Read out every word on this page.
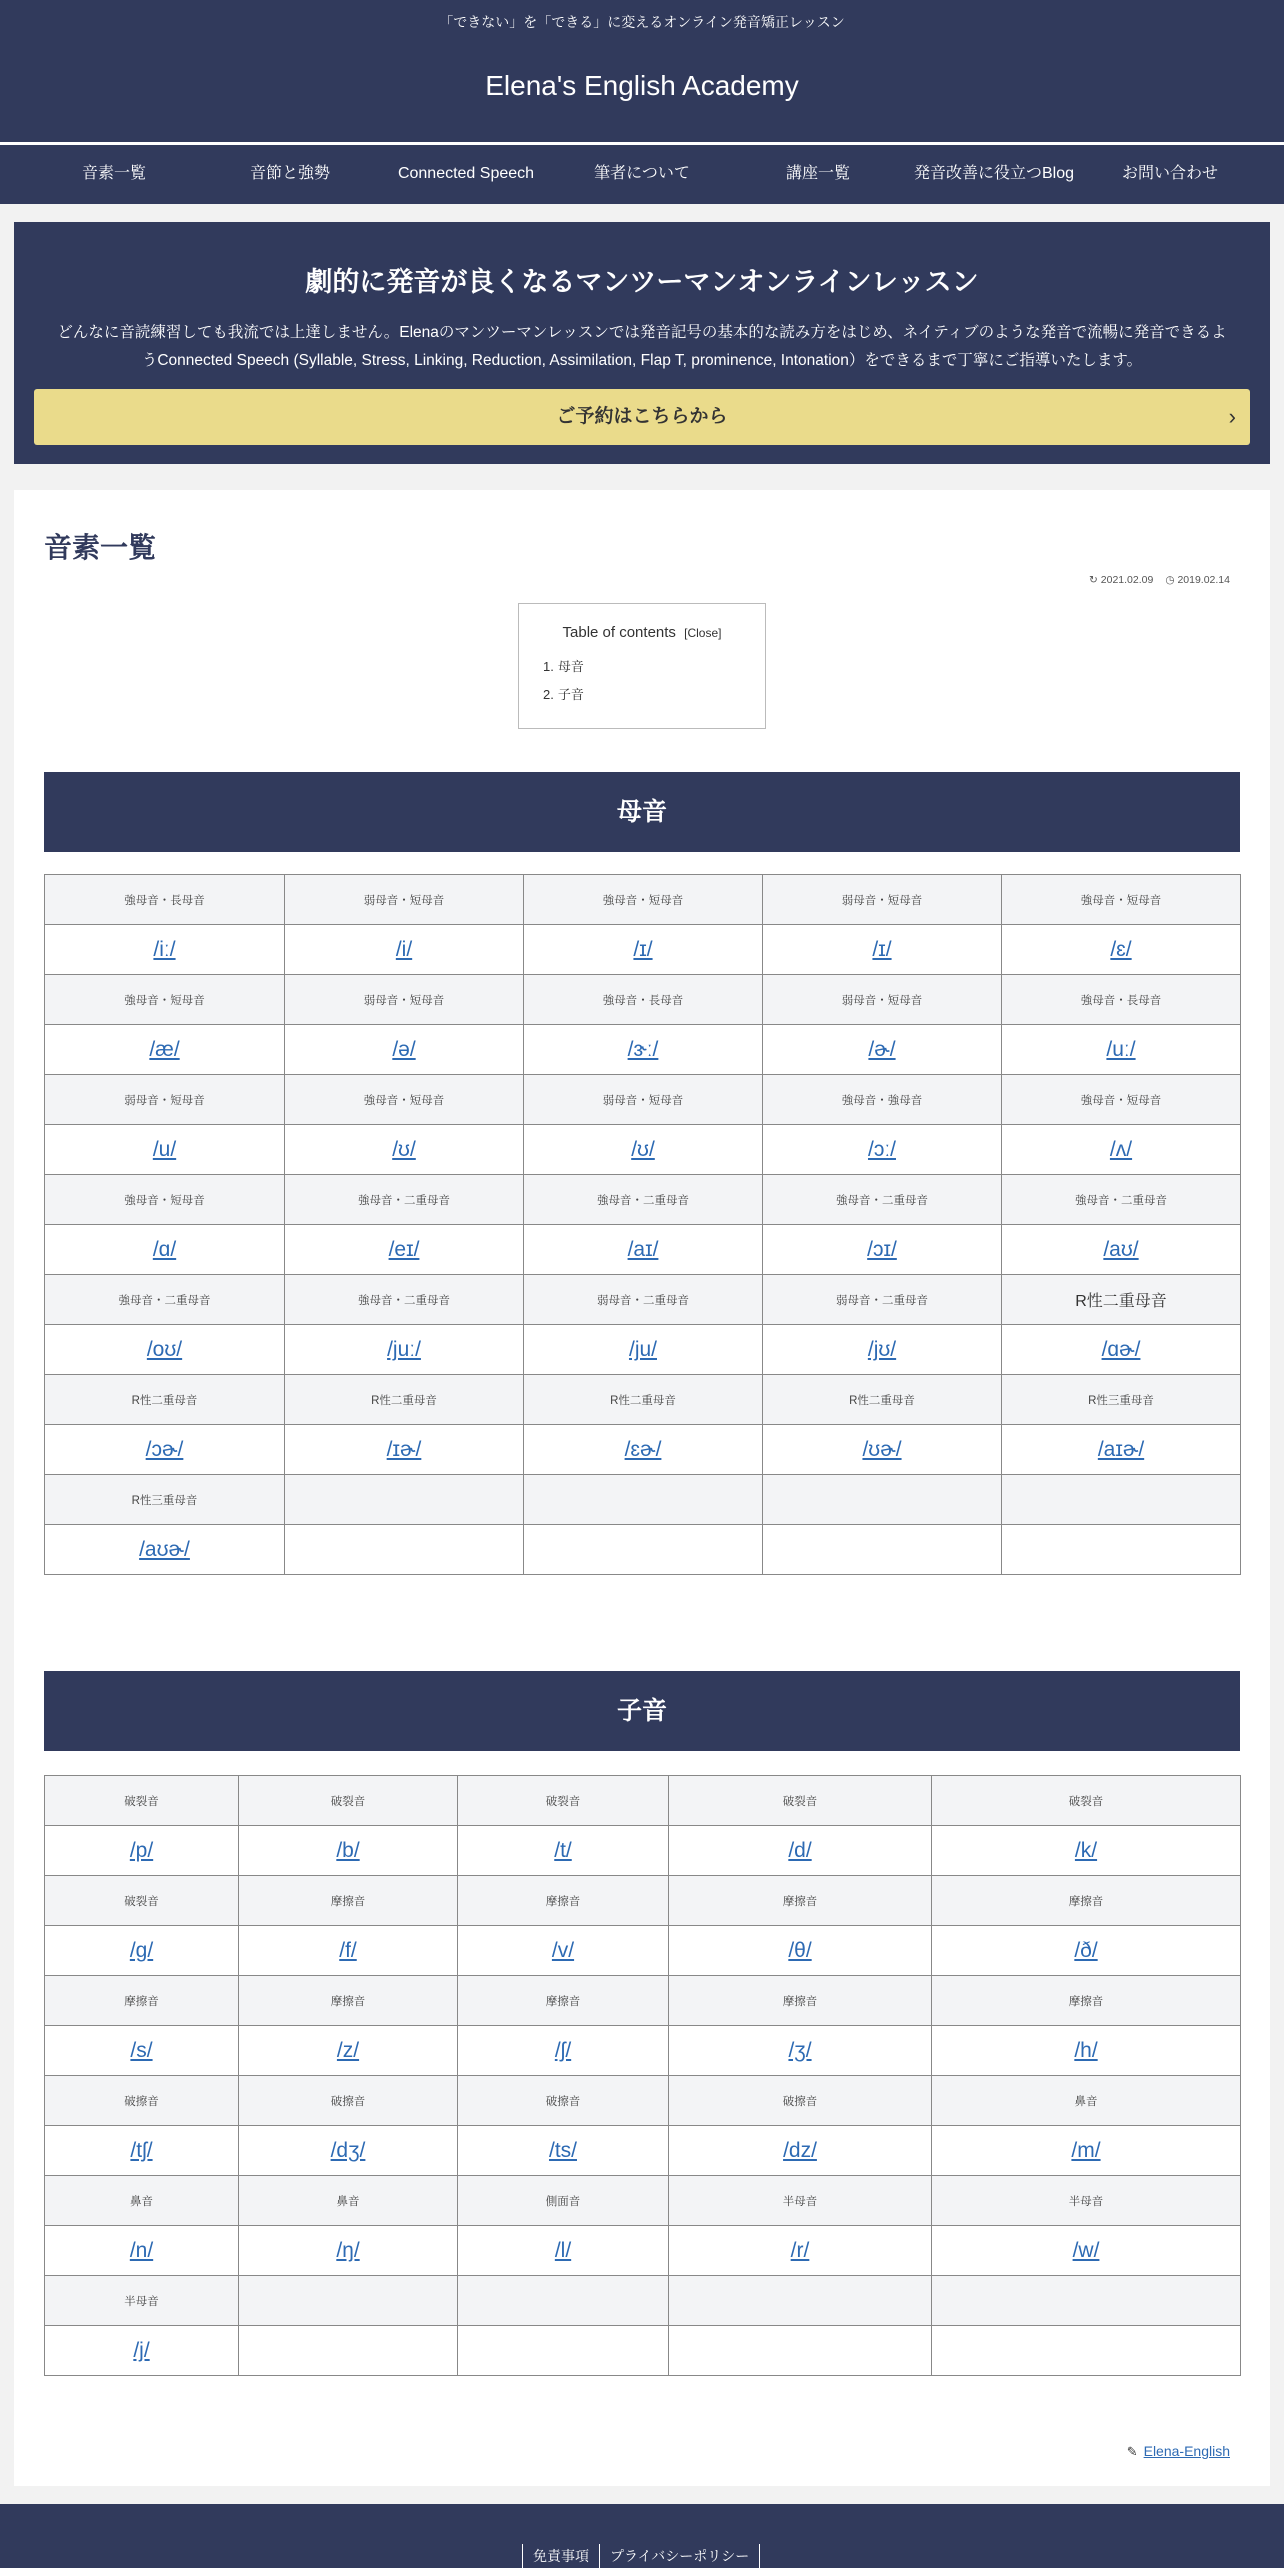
「できない」を「できる」に変えるオンライン発音矯正レッスン
Elena's English Academy
音素一覧	音節と強勢	Connected Speech	筆者について	講座一覧	発音改善に役立つBlog	お問い合わせ
劇的に発音が良くなるマンツーマンオンラインレッスン
どんなに音読練習しても我流では上達しません。Elenaのマンツーマンレッスンでは発音記号の基本的な読み方をはじめ、ネイティブのような発音で流暢に発音できるよ
うConnected Speech (Syllable, Stress, Linking, Reduction, Assimilation, Flap T, prominence, Intonation）をできるまで丁寧にご指導いたします。
ご予約はこちらから	›
音素一覧
↻ 2021.02.09 ◷ 2019.02.14
Table of contents [Close]
1. 母音
2. 子音
母音
強母音・長母音	弱母音・短母音	強母音・短母音	弱母音・短母音	強母音・短母音
/iː/	/i/	/ɪ/	/ɪ/	/ɛ/
強母音・短母音	弱母音・短母音	強母音・長母音	弱母音・短母音	強母音・長母音
/æ/	/ə/	/ɝː/	/ɚ/	/uː/
弱母音・短母音	強母音・短母音	弱母音・短母音	強母音・強母音	強母音・短母音
/u/	/ʊ/	/ʊ/	/ɔː/	/ʌ/
強母音・短母音	強母音・二重母音	強母音・二重母音	強母音・二重母音	強母音・二重母音
/ɑ/	/eɪ/	/aɪ/	/ɔɪ/	/aʊ/
強母音・二重母音	強母音・二重母音	弱母音・二重母音	弱母音・二重母音	R性二重母音
/oʊ/	/juː/	/ju/	/jʊ/	/ɑɚ/
R性二重母音	R性二重母音	R性二重母音	R性二重母音	R性三重母音
/ɔɚ/	/ɪɚ/	/ɛɚ/	/ʊɚ/	/aɪɚ/
R性三重母音				
/aʊɚ/				
子音
破裂音	破裂音	破裂音	破裂音	破裂音
/p/	/b/	/t/	/d/	/k/
破裂音	摩擦音	摩擦音	摩擦音	摩擦音
/g/	/f/	/v/	/θ/	/ð/
摩擦音	摩擦音	摩擦音	摩擦音	摩擦音
/s/	/z/	/ʃ/	/ʒ/	/h/
破擦音	破擦音	破擦音	破擦音	鼻音
/tʃ/	/dʒ/	/ts/	/dz/	/m/
鼻音	鼻音	側面音	半母音	半母音
/n/	/ŋ/	/l/	/r/	/w/
半母音				
/j/				
✎ Elena-English
免責事項	プライバシーポリシー
